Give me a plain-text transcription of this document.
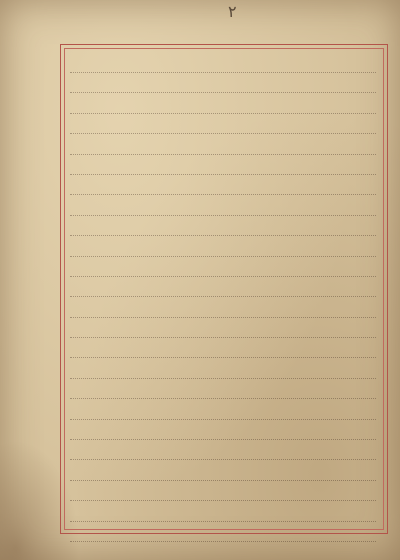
٢
